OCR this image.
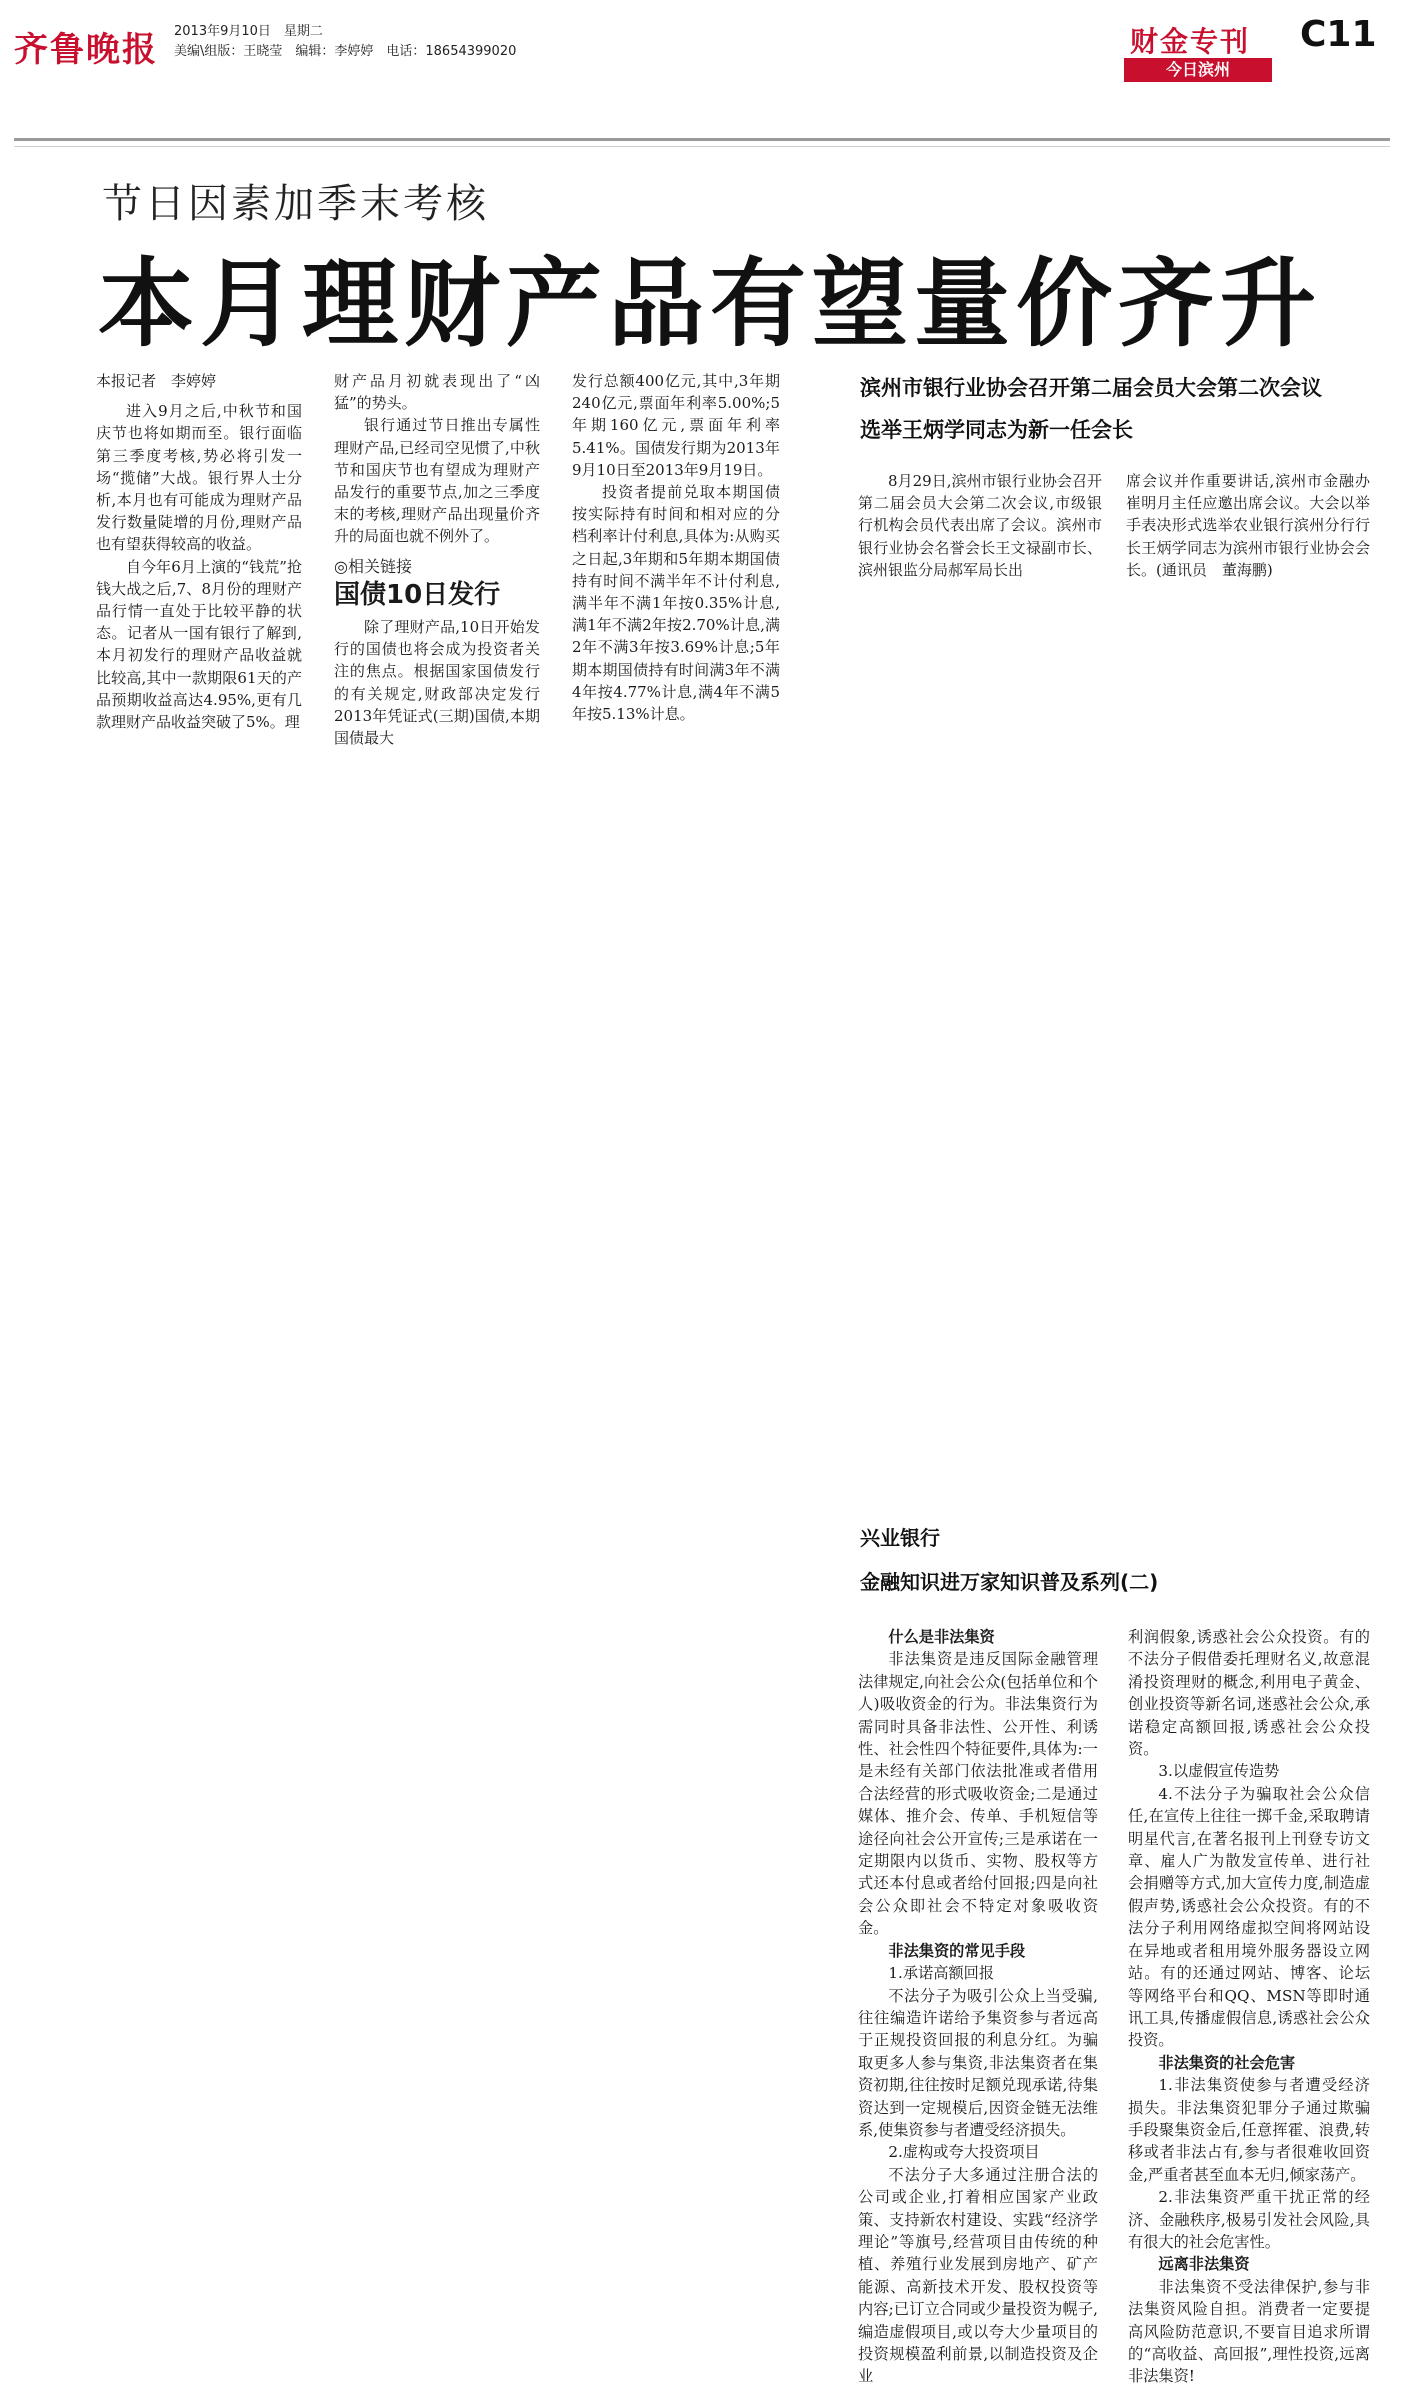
齐鲁晚报 2013年9月10日　星期二
美编\组版：王晓莹　编辑：李婷婷　电话：18654399020	财金专刊 C11
今日滨州
节日因素加季末考核
本月理财产品有望量价齐升

本报记者　李婷婷

进入9月之后,中秋节和国庆节也将如期而至。银行面临第三季度考核,势必将引发一场“揽储”大战。银行界人士分析,本月也有可能成为理财产品发行数量陡增的月份,理财产品也有望获得较高的收益。

自今年6月上演的“钱荒”抢钱大战之后,7、8月份的理财产品行情一直处于比较平静的状态。记者从一国有银行了解到,本月初发行的理财产品收益就比较高,其中一款期限61天的产品预期收益高达4.95%,更有几款理财产品收益突破了5%。理

财产品月初就表现出了“凶猛”的势头。

银行通过节日推出专属性理财产品,已经司空见惯了,中秋节和国庆节也有望成为理财产品发行的重要节点,加之三季度末的考核,理财产品出现量价齐升的局面也就不例外了。

◎相关链接

国债10日发行

除了理财产品,10日开始发行的国债也将会成为投资者关注的焦点。根据国家国债发行的有关规定,财政部决定发行2013年凭证式(三期)国债,本期国债最大

发行总额400亿元,其中,3年期240亿元,票面年利率5.00%;5年期160亿元,票面年利率5.41%。国债发行期为2013年9月10日至2013年9月19日。

投资者提前兑取本期国债按实际持有时间和相对应的分档利率计付利息,具体为:从购买之日起,3年期和5年期本期国债持有时间不满半年不计付利息,满半年不满1年按0.35%计息,满1年不满2年按2.70%计息,满2年不满3年按3.69%计息;5年期本期国债持有时间满3年不满4年按4.77%计息,满4年不满5年按5.13%计息。

滨州市银行业协会召开第二届会员大会第二次会议
选举王炳学同志为新一任会长

8月29日,滨州市银行业协会召开第二届会员大会第二次会议,市级银行机构会员代表出席了会议。滨州市银行业协会名誉会长王文禄副市长、滨州银监分局郝军局长出

席会议并作重要讲话,滨州市金融办崔明月主任应邀出席会议。大会以举手表决形式选举农业银行滨州分行行长王炳学同志为滨州市银行业协会会长。(通讯员　董海鹏)

兴业银行
金融知识进万家知识普及系列(二)

什么是非法集资

非法集资是违反国际金融管理法律规定,向社会公众(包括单位和个人)吸收资金的行为。非法集资行为需同时具备非法性、公开性、利诱性、社会性四个特征要件,具体为:一是未经有关部门依法批准或者借用合法经营的形式吸收资金;二是通过媒体、推介会、传单、手机短信等途径向社会公开宣传;三是承诺在一定期限内以货币、实物、股权等方式还本付息或者给付回报;四是向社会公众即社会不特定对象吸收资金。

非法集资的常见手段

1.承诺高额回报

不法分子为吸引公众上当受骗,往往编造许诺给予集资参与者远高于正规投资回报的利息分红。为骗取更多人参与集资,非法集资者在集资初期,往往按时足额兑现承诺,待集资达到一定规模后,因资金链无法维系,使集资参与者遭受经济损失。

2.虚构或夸大投资项目

不法分子大多通过注册合法的公司或企业,打着相应国家产业政策、支持新农村建设、实践“经济学理论”等旗号,经营项目由传统的种植、养殖行业发展到房地产、矿产能源、高新技术开发、股权投资等内容;已订立合同或少量投资为幌子,编造虚假项目,或以夸大少量项目的投资规模盈利前景,以制造投资及企业

利润假象,诱惑社会公众投资。有的不法分子假借委托理财名义,故意混淆投资理财的概念,利用电子黄金、创业投资等新名词,迷惑社会公众,承诺稳定高额回报,诱惑社会公众投资。

3.以虚假宣传造势

4.不法分子为骗取社会公众信任,在宣传上往往一掷千金,采取聘请明星代言,在著名报刊上刊登专访文章、雇人广为散发宣传单、进行社会捐赠等方式,加大宣传力度,制造虚假声势,诱惑社会公众投资。有的不法分子利用网络虚拟空间将网站设在异地或者租用境外服务器设立网站。有的还通过网站、博客、论坛等网络平台和QQ、MSN等即时通讯工具,传播虚假信息,诱惑社会公众投资。

非法集资的社会危害

1.非法集资使参与者遭受经济损失。非法集资犯罪分子通过欺骗手段聚集资金后,任意挥霍、浪费,转移或者非法占有,参与者很难收回资金,严重者甚至血本无归,倾家荡产。

2.非法集资严重干扰正常的经济、金融秩序,极易引发社会风险,具有很大的社会危害性。

远离非法集资

非法集资不受法律保护,参与非法集资风险自担。消费者一定要提高风险防范意识,不要盲目追求所谓的“高收益、高回报”,理性投资,远离非法集资!
